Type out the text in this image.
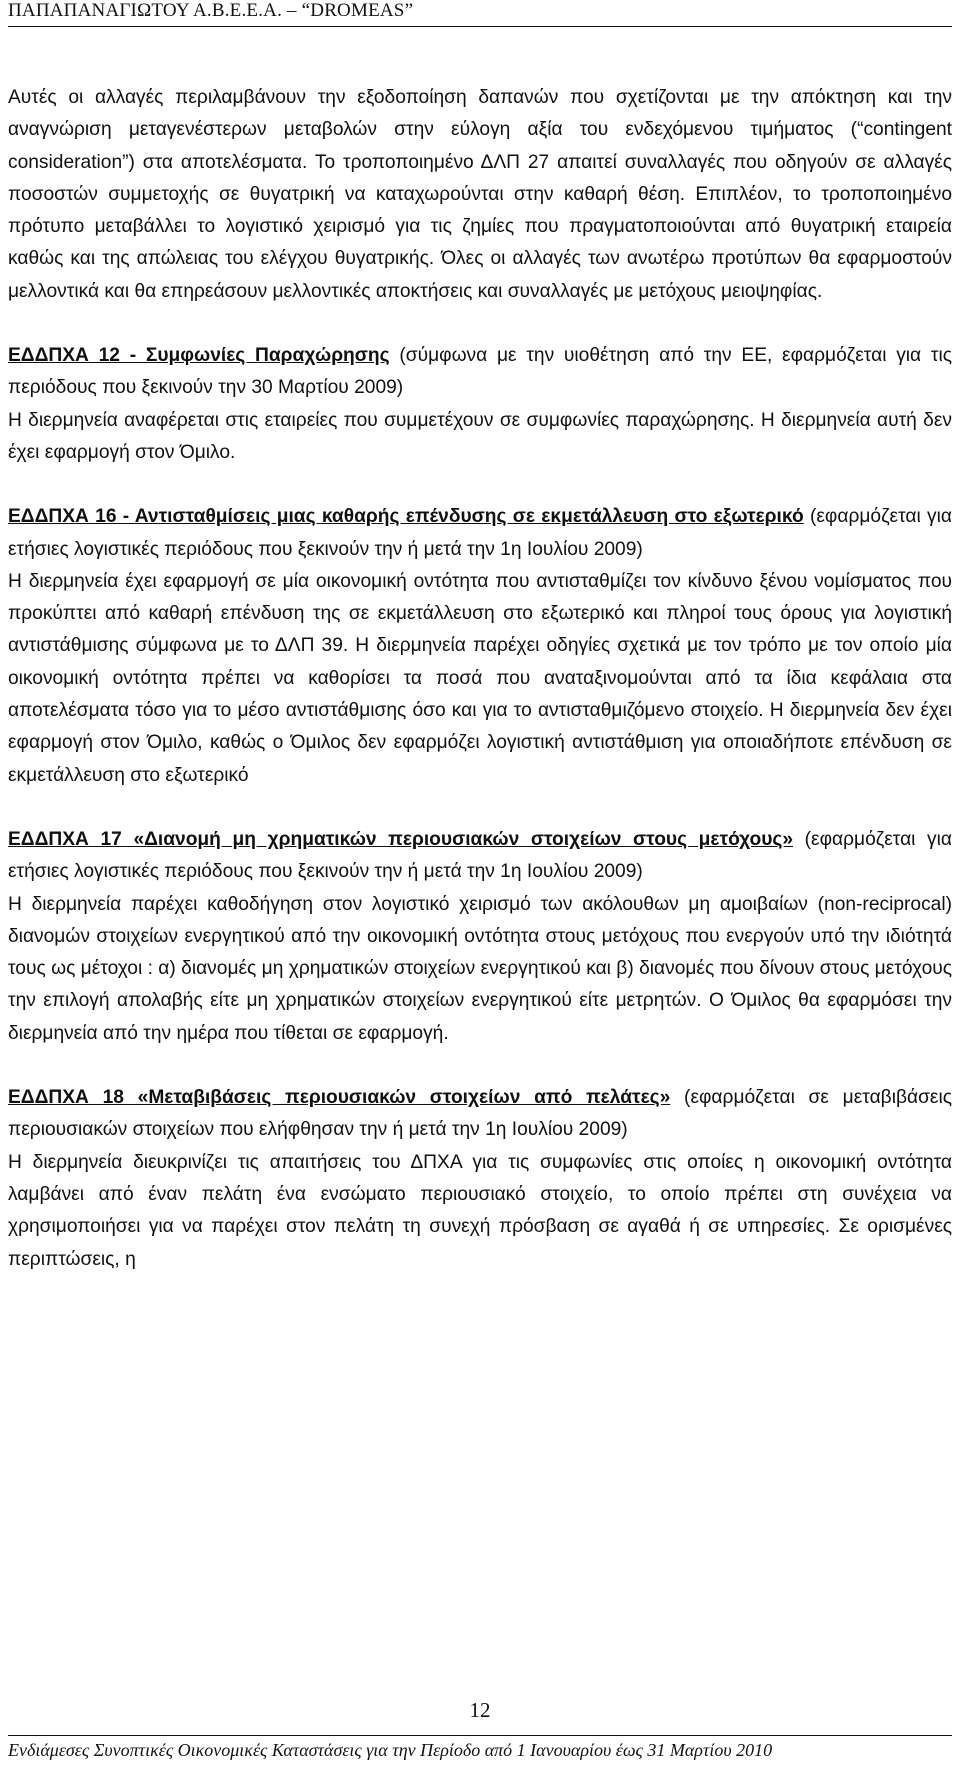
ΠΑΠΑΠΑΝΑΓΙΩΤΟΥ Α.Β.Ε.Ε.Α. – “DROMEAS”

Αυτές οι αλλαγές περιλαμβάνουν την εξοδοποίηση δαπανών που σχετίζονται με την απόκτηση και την αναγνώριση μεταγενέστερων μεταβολών στην εύλογη αξία του ενδεχόμενου τιμήματος (“contingent consideration”) στα αποτελέσματα. Το τροποποιημένο ΔΛΠ 27 απαιτεί συναλλαγές που οδηγούν σε αλλαγές ποσοστών συμμετοχής σε θυγατρική να καταχωρούνται στην καθαρή θέση. Επιπλέον, το τροποποιημένο πρότυπο μεταβάλλει το λογιστικό χειρισμό για τις ζημίες που πραγματοποιούνται από θυγατρική εταιρεία καθώς και της απώλειας του ελέγχου θυγατρικής. Όλες οι αλλαγές των ανωτέρω προτύπων θα εφαρμοστούν μελλοντικά και θα επηρεάσουν μελλοντικές αποκτήσεις και συναλλαγές με μετόχους μειοψηφίας.

ΕΔΔΠΧΑ 12 - Συμφωνίες Παραχώρησης (σύμφωνα με την υιοθέτηση από την ΕΕ, εφαρμόζεται για τις περιόδους που ξεκινούν την 30 Μαρτίου 2009)

Η διερμηνεία αναφέρεται στις εταιρείες που συμμετέχουν σε συμφωνίες παραχώρησης. Η διερμηνεία αυτή δεν έχει εφαρμογή στον Όμιλο.

ΕΔΔΠΧΑ 16 - Αντισταθμίσεις μιας καθαρής επένδυσης σε εκμετάλλευση στο εξωτερικό (εφαρμόζεται για ετήσιες λογιστικές περιόδους που ξεκινούν την ή μετά την 1η Ιουλίου 2009)

Η διερμηνεία έχει εφαρμογή σε μία οικονομική οντότητα που αντισταθμίζει τον κίνδυνο ξένου νομίσματος που προκύπτει από καθαρή επένδυση της σε εκμετάλλευση στο εξωτερικό και πληροί τους όρους για λογιστική αντιστάθμισης σύμφωνα με το ΔΛΠ 39. Η διερμηνεία παρέχει οδηγίες σχετικά με τον τρόπο με τον οποίο μία οικονομική οντότητα πρέπει να καθορίσει τα ποσά που αναταξινομούνται από τα ίδια κεφάλαια στα αποτελέσματα τόσο για το μέσο αντιστάθμισης όσο και για το αντισταθμιζόμενο στοιχείο. Η διερμηνεία δεν έχει εφαρμογή στον Όμιλο, καθώς ο Όμιλος δεν εφαρμόζει λογιστική αντιστάθμιση για οποιαδήποτε επένδυση σε εκμετάλλευση στο εξωτερικό

ΕΔΔΠΧΑ 17 «Διανομή μη χρηματικών περιουσιακών στοιχείων στους μετόχους» (εφαρμόζεται για ετήσιες λογιστικές περιόδους που ξεκινούν την ή μετά την 1η Ιουλίου 2009)

Η διερμηνεία παρέχει καθοδήγηση στον λογιστικό χειρισμό των ακόλουθων μη αμοιβαίων (non-reciprocal) διανομών στοιχείων ενεργητικού από την οικονομική οντότητα στους μετόχους που ενεργούν υπό την ιδιότητά τους ως μέτοχοι : α) διανομές μη χρηματικών στοιχείων ενεργητικού και β) διανομές που δίνουν στους μετόχους την επιλογή απολαβής είτε μη χρηματικών στοιχείων ενεργητικού είτε μετρητών. Ο Όμιλος θα εφαρμόσει την διερμηνεία από την ημέρα που τίθεται σε εφαρμογή.

ΕΔΔΠΧΑ 18 «Μεταβιβάσεις περιουσιακών στοιχείων από πελάτες» (εφαρμόζεται σε μεταβιβάσεις περιουσιακών στοιχείων που ελήφθησαν την ή μετά την 1η Ιουλίου 2009)

Η διερμηνεία διευκρινίζει τις απαιτήσεις του ΔΠΧΑ για τις συμφωνίες στις οποίες η οικονομική οντότητα λαμβάνει από έναν πελάτη ένα ενσώματο περιουσιακό στοιχείο, το οποίο πρέπει στη συνέχεια να χρησιμοποιήσει για να παρέχει στον πελάτη τη συνεχή πρόσβαση σε αγαθά ή σε υπηρεσίες. Σε ορισμένες περιπτώσεις, η

12
Ενδιάμεσες Συνοπτικές Οικονομικές Καταστάσεις για την Περίοδο από 1 Ιανουαρίου έως 31 Μαρτίου 2010
